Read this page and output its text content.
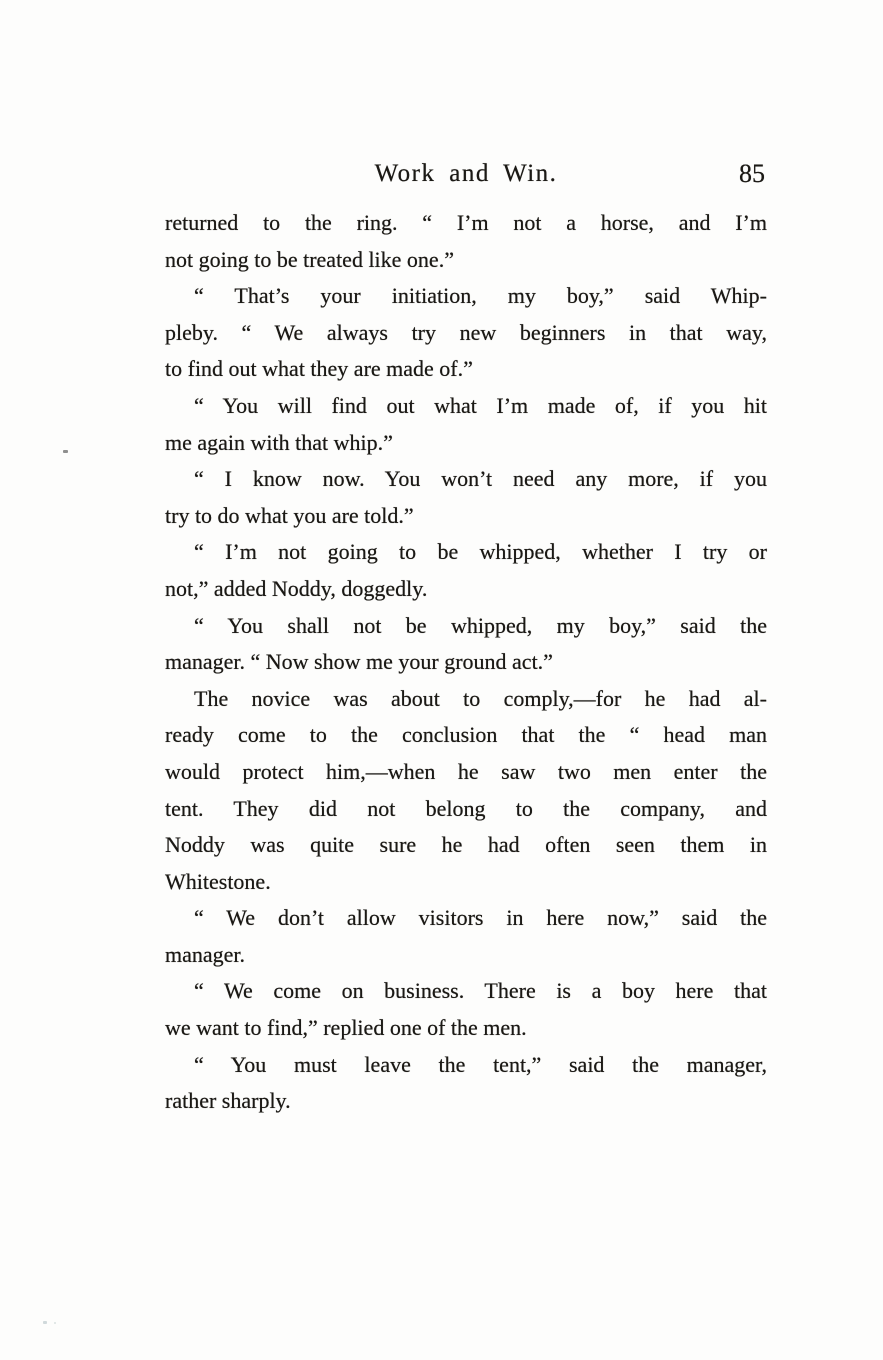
Work and Win.	85

returned to the ring. “ I’m not a horse, and I’m
not going to be treated like one.”

“ That’s your initiation, my boy,” said Whip-
pleby. “ We always try new beginners in that way,
to find out what they are made of.”

“ You will find out what I’m made of, if you hit
me again with that whip.”

“ I know now. You won’t need any more, if you
try to do what you are told.”

“ I’m not going to be whipped, whether I try or
not,” added Noddy, doggedly.

“ You shall not be whipped, my boy,” said the
manager. “ Now show me your ground act.”

The novice was about to comply,—for he had al-
ready come to the conclusion that the “ head man
would protect him,—when he saw two men enter the
tent. They did not belong to the company, and
Noddy was quite sure he had often seen them in
Whitestone.

“ We don’t allow visitors in here now,” said the
manager.

“ We come on business. There is a boy here that
we want to find,” replied one of the men.

“ You must leave the tent,” said the manager,
rather sharply.
